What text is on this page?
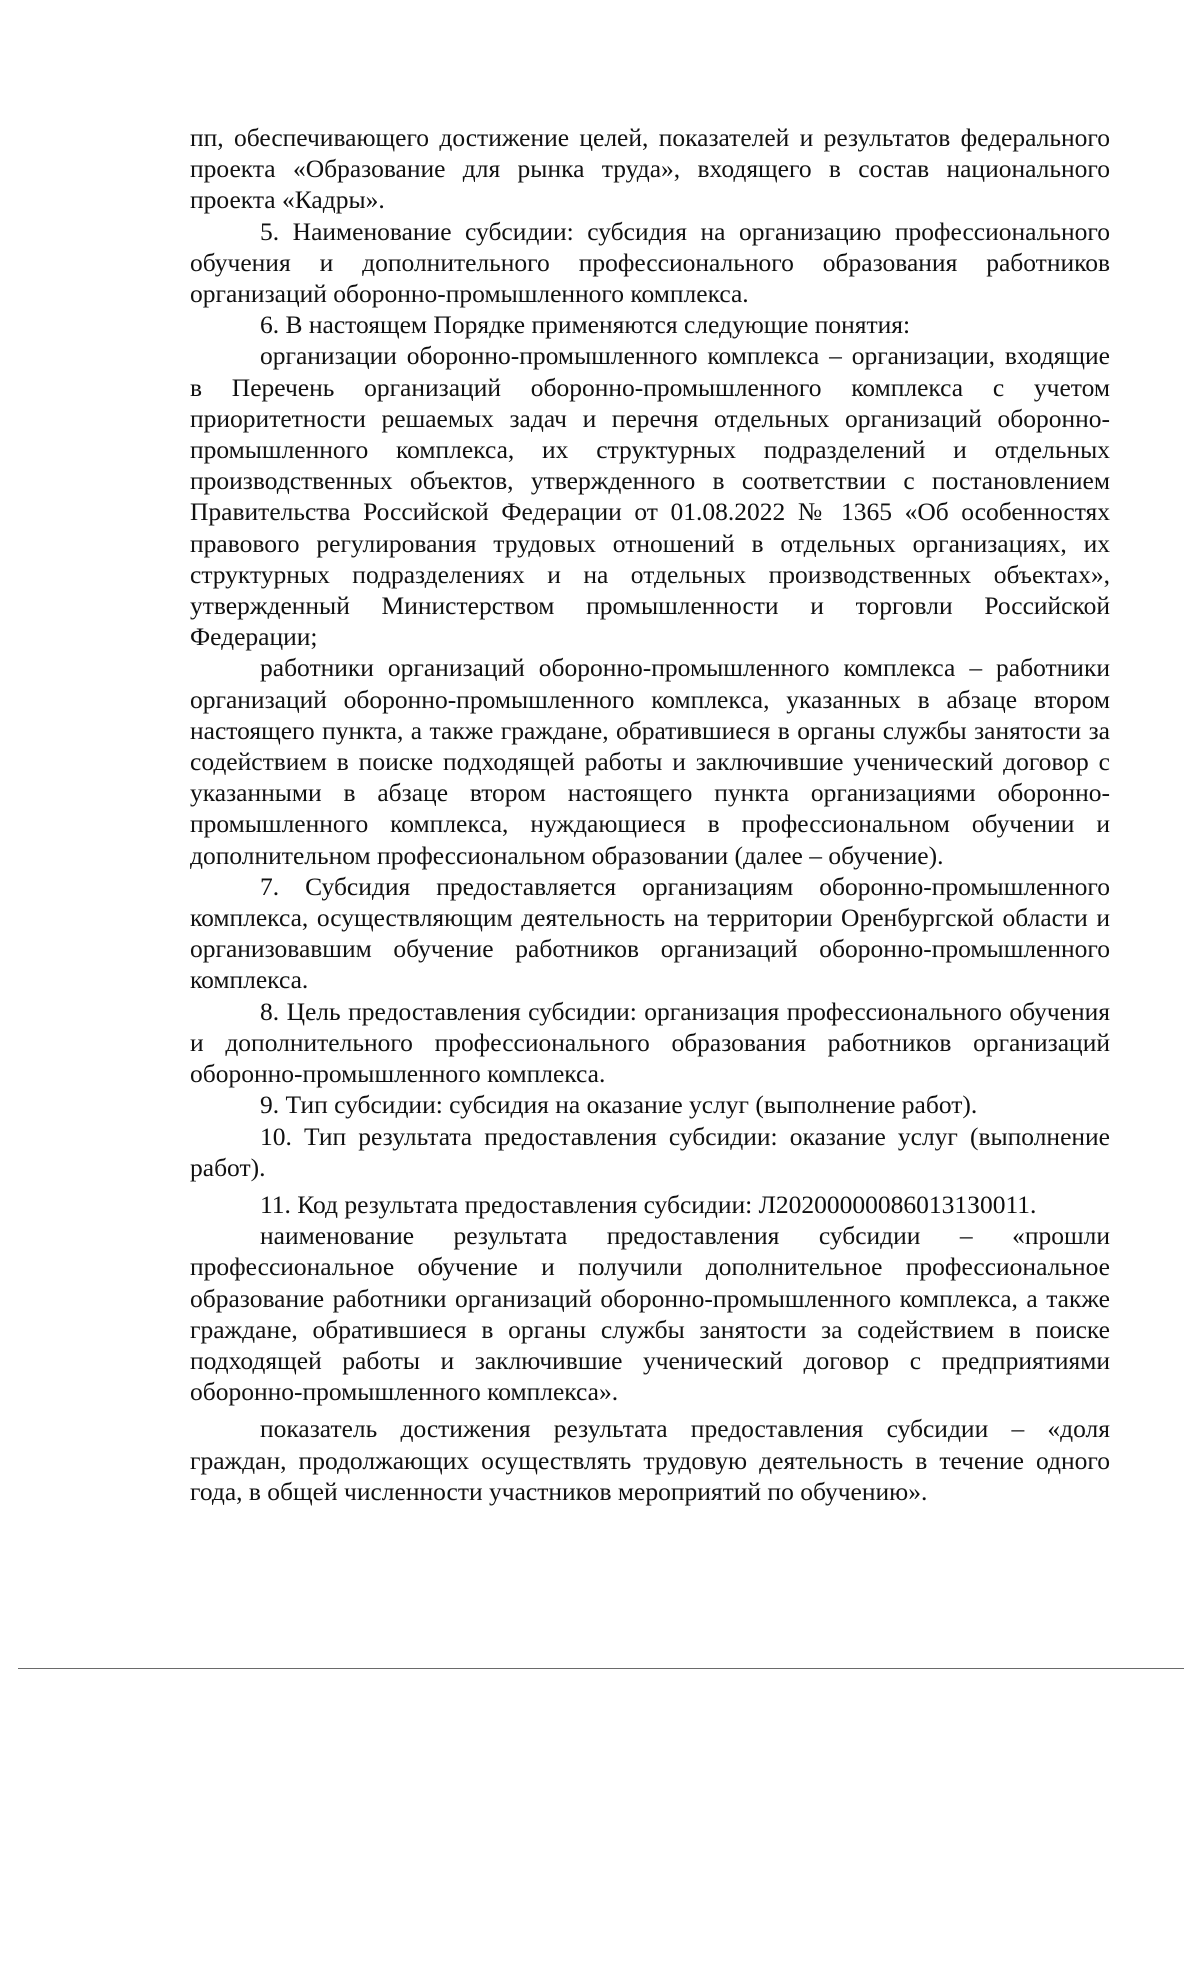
пп, обеспечивающего достижение целей, показателей и результатов федерального проекта «Образование для рынка труда», входящего в состав национального проекта «Кадры».

5. Наименование субсидии: субсидия на организацию профессионального обучения и дополнительного профессионального образования работников организаций оборонно-промышленного комплекса.

6. В настоящем Порядке применяются следующие понятия:

организации оборонно-промышленного комплекса – организации, входящие в Перечень организаций оборонно-промышленного комплекса с учетом приоритетности решаемых задач и перечня отдельных организаций оборонно-промышленного комплекса, их структурных подразделений и отдельных производственных объектов, утвержденного в соответствии с постановлением Правительства Российской Федерации от 01.08.2022 № 1365 «Об особенностях правового регулирования трудовых отношений в отдельных организациях, их структурных подразделениях и на отдельных производственных объектах», утвержденный Министерством промышленности и торговли Российской Федерации;

работники организаций оборонно-промышленного комплекса – работники организаций оборонно-промышленного комплекса, указанных в абзаце втором настоящего пункта, а также граждане, обратившиеся в органы службы занятости за содействием в поиске подходящей работы и заключившие ученический договор с указанными в абзаце втором настоящего пункта организациями оборонно-промышленного комплекса, нуждающиеся в профессиональном обучении и дополнительном профессиональном образовании (далее – обучение).

7. Субсидия предоставляется организациям оборонно-промышленного комплекса, осуществляющим деятельность на территории Оренбургской области и организовавшим обучение работников организаций оборонно-промышленного комплекса.

8. Цель предоставления субсидии: организация профессионального обучения и дополнительного профессионального образования работников организаций оборонно-промышленного комплекса.

9. Тип субсидии: субсидия на оказание услуг (выполнение работ).

10. Тип результата предоставления субсидии: оказание услуг (выполнение работ).

11. Код результата предоставления субсидии: Л202000000860131З0011.

наименование результата предоставления субсидии – «прошли профессиональное обучение и получили дополнительное профессиональное образование работники организаций оборонно-промышленного комплекса, а также граждане, обратившиеся в органы службы занятости за содействием в поиске подходящей работы и заключившие ученический договор с предприятиями оборонно-промышленного комплекса».

показатель достижения результата предоставления субсидии – «доля граждан, продолжающих осуществлять трудовую деятельность в течение одного года, в общей численности участников мероприятий по обучению».
